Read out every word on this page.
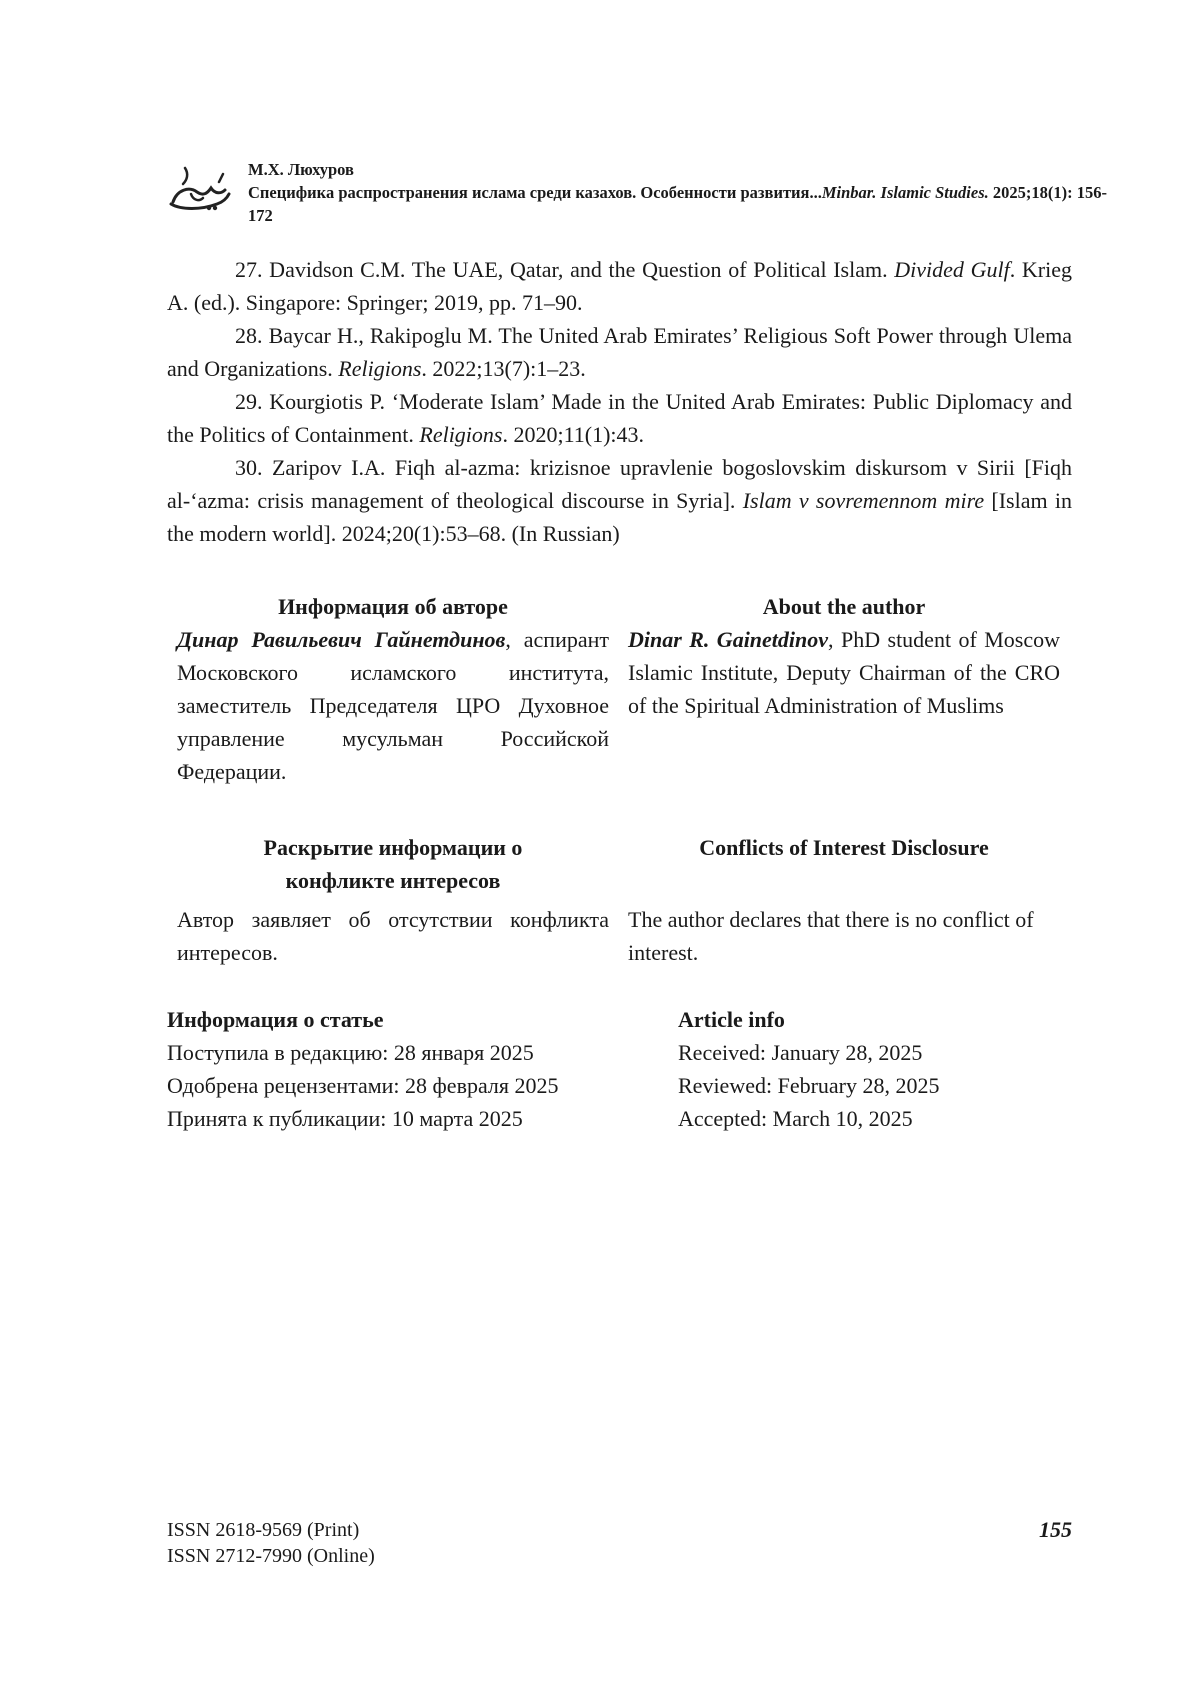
М.Х. Люхуров
Специфика распространения ислама среди казахов. Особенности развития...Minbar. Islamic Studies. 2025;18(1): 156-172

27. Davidson C.M. The UAE, Qatar, and the Question of Political Islam. Divided Gulf. Krieg A. (ed.). Singapore: Springer; 2019, pp. 71–90.

28. Baycar H., Rakipoglu M. The United Arab Emirates’ Religious Soft Power through Ulema and Organizations. Religions. 2022;13(7):1–23.

29. Kourgiotis P. ‘Moderate Islam’ Made in the United Arab Emirates: Public Diplomacy and the Politics of Containment. Religions. 2020;11(1):43.

30. Zaripov I.A. Fiqh al-azma: krizisnoe upravlenie bogoslovskim diskursom v Sirii [Fiqh al-‘azma: crisis management of theological discourse in Syria]. Islam v sovremennom mire [Islam in the modern world]. 2024;20(1):53–68. (In Russian)

Информация об авторе

Динар Равильевич Гайнетдинов, аспирант Московского исламского института, заместитель Председателя ЦРО Духовное управление мусульман Российской Федерации.

About the author

Dinar R. Gainetdinov, PhD student of Moscow Islamic Institute, Deputy Chairman of the CRO of the Spiritual Administration of Muslims

Раскрытие информации о конфликте интересов

Автор заявляет об отсутствии конфликта интересов.

Conflicts of Interest Disclosure

The author declares that there is no conflict of interest.

Информация о статье
Поступила в редакцию: 28 января 2025
Одобрена рецензентами: 28 февраля 2025
Принята к публикации: 10 марта 2025
Article info
Received: January 28, 2025
Reviewed: February 28, 2025
Accepted: March 10, 2025
ISSN 2618-9569 (Print)
ISSN 2712-7990 (Online)
155
